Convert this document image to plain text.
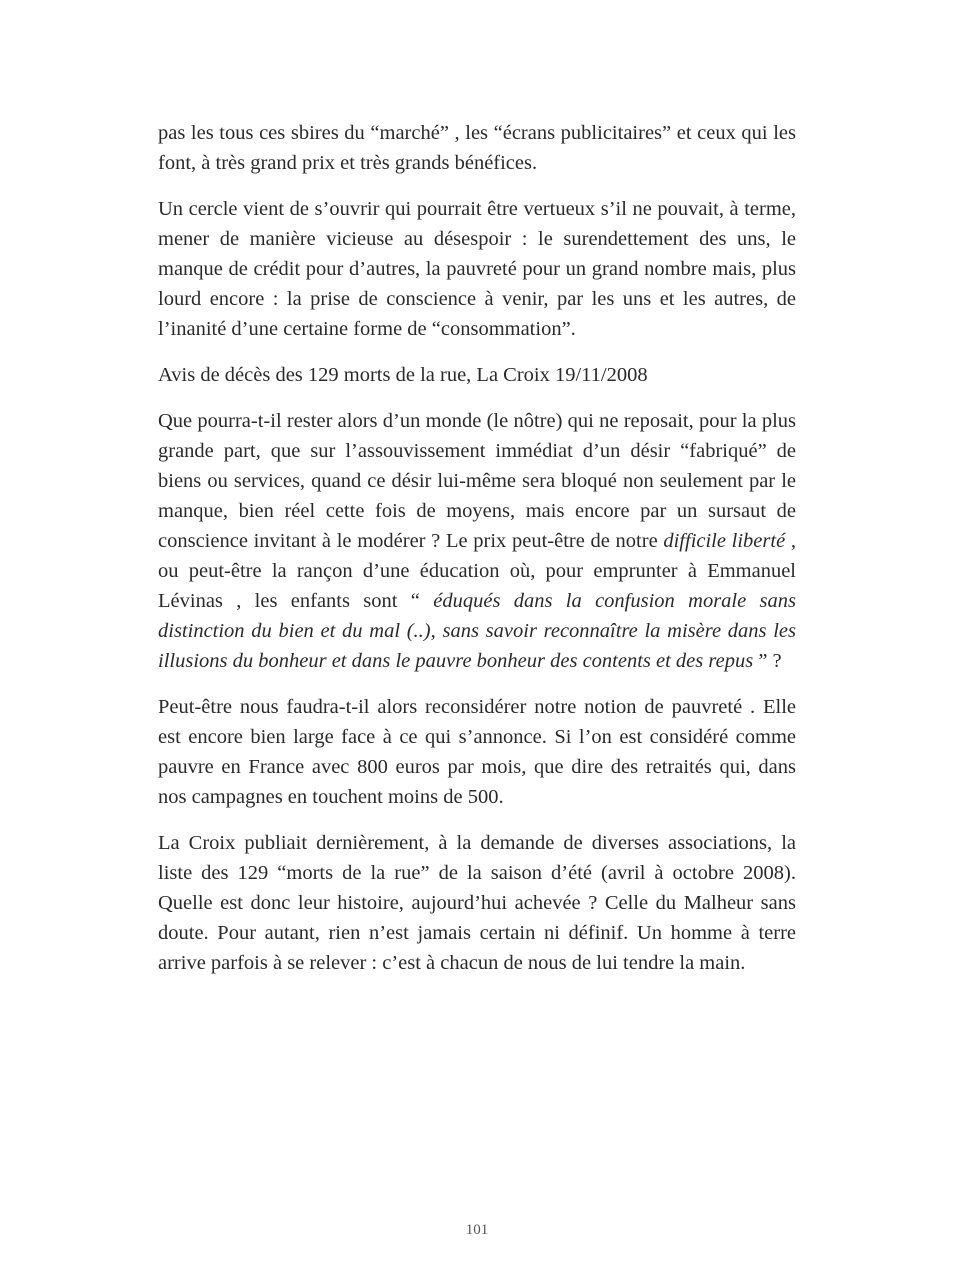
pas les tous ces sbires du “marché” , les “écrans publicitaires” et ceux qui les font, à très grand prix et très grands bénéfices.

Un cercle vient de s’ouvrir qui pourrait être vertueux s’il ne pouvait, à terme, mener de manière vicieuse au désespoir : le surendettement des uns, le manque de crédit pour d’autres, la pauvreté pour un grand nombre mais, plus lourd encore : la prise de conscience à venir, par les uns et les autres, de l’inanité d’une certaine forme de “consommation”.

Avis de décès des 129 morts de la rue, La Croix 19/11/2008

Que pourra-t-il rester alors d’un monde (le nôtre) qui ne reposait, pour la plus grande part, que sur l’assouvissement immédiat d’un désir “fabriqué” de biens ou services, quand ce désir lui-même sera bloqué non seulement par le manque, bien réel cette fois de moyens, mais encore par un sursaut de conscience invitant à le modérer ? Le prix peut-être de notre difficile liberté , ou peut-être la rançon d’une éducation où, pour emprunter à Emmanuel Lévinas , les enfants sont “ éduqués dans la confusion morale sans distinction du bien et du mal (..), sans savoir reconnaître la misère dans les illusions du bonheur et dans le pauvre bonheur des contents et des repus ” ?

Peut-être nous faudra-t-il alors reconsidérer notre notion de pauvreté . Elle est encore bien large face à ce qui s’annonce. Si l’on est considéré comme pauvre en France avec 800 euros par mois, que dire des retraités qui, dans nos campagnes en touchent moins de 500.

La Croix publiait dernièrement, à la demande de diverses associations, la liste des 129 “morts de la rue” de la saison d’été (avril à octobre 2008). Quelle est donc leur histoire, aujourd’hui achevée ? Celle du Malheur sans doute. Pour autant, rien n’est jamais certain ni définif. Un homme à terre arrive parfois à se relever : c’est à chacun de nous de lui tendre la main.

101
